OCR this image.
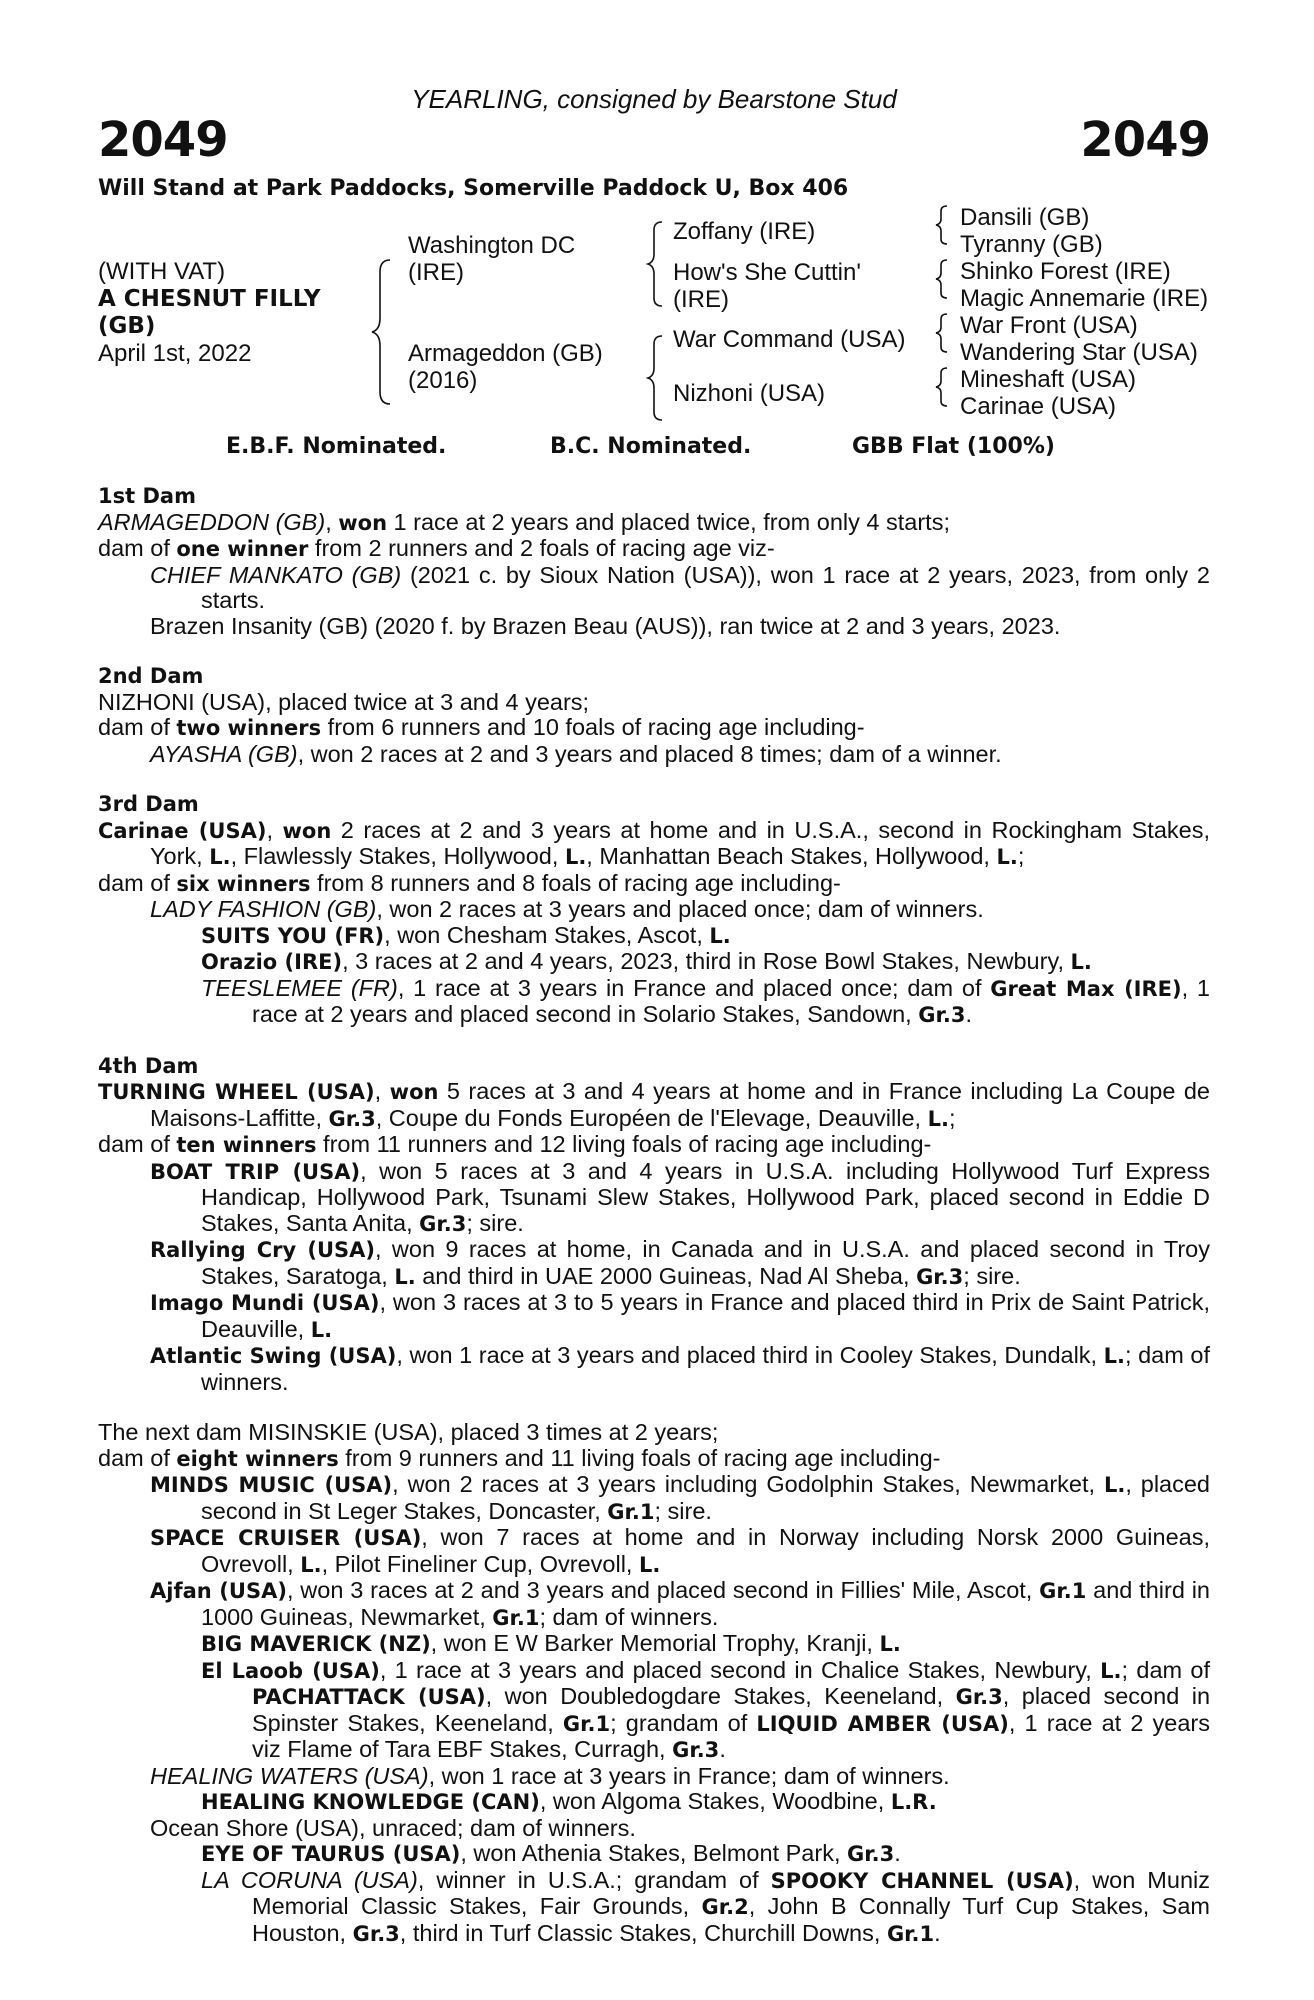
YEARLING, consigned by Bearstone Stud
2049	2049
Will Stand at Park Paddocks, Somerville Paddock U, Box 406
(WITH VAT)
A CHESNUT FILLY
(GB)
April 1st, 2022
Washington DC
(IRE)
Armageddon (GB)
(2016)
Zoffany (IRE)
How's She Cuttin'
(IRE)
War Command (USA)
Nizhoni (USA)
Dansili (GB)
Tyranny (GB)
Shinko Forest (IRE)
Magic Annemarie (IRE)
War Front (USA)
Wandering Star (USA)
Mineshaft (USA)
Carinae (USA)
E.B.F. Nominated.	B.C. Nominated.	GBB Flat (100%)
1st Dam
ARMAGEDDON (GB), won 1 race at 2 years and placed twice, from only 4 starts;
dam of one winner from 2 runners and 2 foals of racing age viz-
CHIEF MANKATO (GB) (2021 c. by Sioux Nation (USA)), won 1 race at 2 years, 2023, from only 2 starts.
Brazen Insanity (GB) (2020 f. by Brazen Beau (AUS)), ran twice at 2 and 3 years, 2023.
2nd Dam
NIZHONI (USA), placed twice at 3 and 4 years;
dam of two winners from 6 runners and 10 foals of racing age including-
AYASHA (GB), won 2 races at 2 and 3 years and placed 8 times; dam of a winner.
3rd Dam
Carinae (USA), won 2 races at 2 and 3 years at home and in U.S.A., second in Rockingham Stakes, York, L., Flawlessly Stakes, Hollywood, L., Manhattan Beach Stakes, Hollywood, L.;
dam of six winners from 8 runners and 8 foals of racing age including-
LADY FASHION (GB), won 2 races at 3 years and placed once; dam of winners.
SUITS YOU (FR), won Chesham Stakes, Ascot, L.
Orazio (IRE), 3 races at 2 and 4 years, 2023, third in Rose Bowl Stakes, Newbury, L.
TEESLEMEE (FR), 1 race at 3 years in France and placed once; dam of Great Max (IRE), 1 race at 2 years and placed second in Solario Stakes, Sandown, Gr.3.
4th Dam
TURNING WHEEL (USA), won 5 races at 3 and 4 years at home and in France including La Coupe de Maisons-Laffitte, Gr.3, Coupe du Fonds Européen de l'Elevage, Deauville, L.;
dam of ten winners from 11 runners and 12 living foals of racing age including-
BOAT TRIP (USA), won 5 races at 3 and 4 years in U.S.A. including Hollywood Turf Express Handicap, Hollywood Park, Tsunami Slew Stakes, Hollywood Park, placed second in Eddie D Stakes, Santa Anita, Gr.3; sire.
Rallying Cry (USA), won 9 races at home, in Canada and in U.S.A. and placed second in Troy Stakes, Saratoga, L. and third in UAE 2000 Guineas, Nad Al Sheba, Gr.3; sire.
Imago Mundi (USA), won 3 races at 3 to 5 years in France and placed third in Prix de Saint Patrick, Deauville, L.
Atlantic Swing (USA), won 1 race at 3 years and placed third in Cooley Stakes, Dundalk, L.; dam of winners.
The next dam MISINSKIE (USA), placed 3 times at 2 years;
dam of eight winners from 9 runners and 11 living foals of racing age including-
MINDS MUSIC (USA), won 2 races at 3 years including Godolphin Stakes, Newmarket, L., placed second in St Leger Stakes, Doncaster, Gr.1; sire.
SPACE CRUISER (USA), won 7 races at home and in Norway including Norsk 2000 Guineas, Ovrevoll, L., Pilot Fineliner Cup, Ovrevoll, L.
Ajfan (USA), won 3 races at 2 and 3 years and placed second in Fillies' Mile, Ascot, Gr.1 and third in 1000 Guineas, Newmarket, Gr.1; dam of winners.
BIG MAVERICK (NZ), won E W Barker Memorial Trophy, Kranji, L.
El Laoob (USA), 1 race at 3 years and placed second in Chalice Stakes, Newbury, L.; dam of PACHATTACK (USA), won Doubledogdare Stakes, Keeneland, Gr.3, placed second in Spinster Stakes, Keeneland, Gr.1; grandam of LIQUID AMBER (USA), 1 race at 2 years viz Flame of Tara EBF Stakes, Curragh, Gr.3.
HEALING WATERS (USA), won 1 race at 3 years in France; dam of winners.
HEALING KNOWLEDGE (CAN), won Algoma Stakes, Woodbine, L.R.
Ocean Shore (USA), unraced; dam of winners.
EYE OF TAURUS (USA), won Athenia Stakes, Belmont Park, Gr.3.
LA CORUNA (USA), winner in U.S.A.; grandam of SPOOKY CHANNEL (USA), won Muniz Memorial Classic Stakes, Fair Grounds, Gr.2, John B Connally Turf Cup Stakes, Sam Houston, Gr.3, third in Turf Classic Stakes, Churchill Downs, Gr.1.
